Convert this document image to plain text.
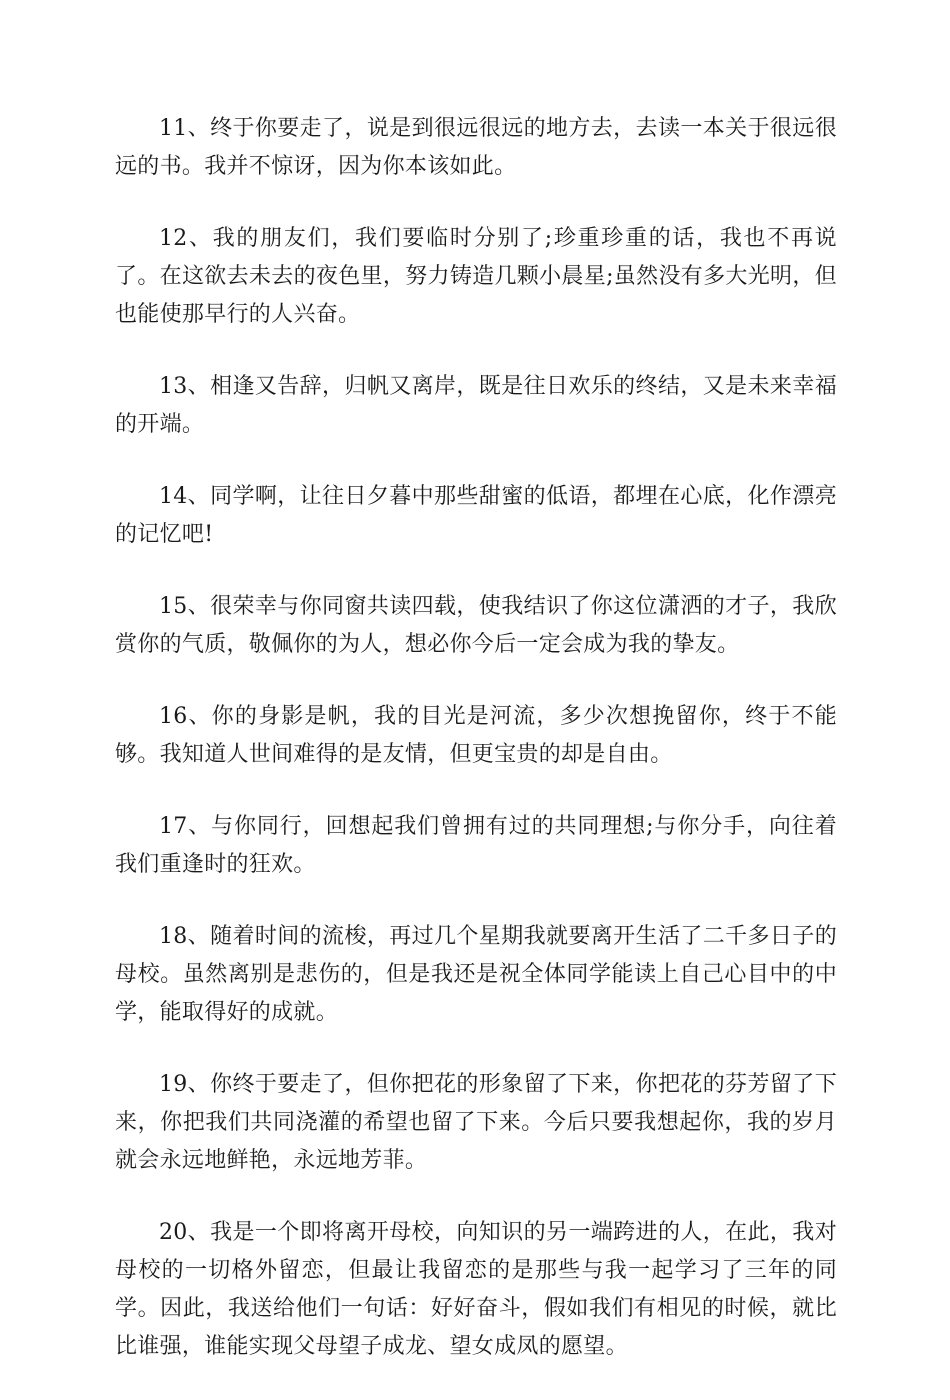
11、终于你要走了，说是到很远很远的地方去，去读一本关于很远很远的书。我并不惊讶，因为你本该如此。

12、我的朋友们，我们要临时分别了;珍重珍重的话，我也不再说了。在这欲去未去的夜色里，努力铸造几颗小晨星;虽然没有多大光明，但也能使那早行的人兴奋。

13、相逢又告辞，归帆又离岸，既是往日欢乐的终结，又是未来幸福的开端。

14、同学啊，让往日夕暮中那些甜蜜的低语，都埋在心底，化作漂亮的记忆吧!

15、很荣幸与你同窗共读四载，使我结识了你这位潇洒的才子，我欣赏你的气质，敬佩你的为人，想必你今后一定会成为我的挚友。

16、你的身影是帆，我的目光是河流，多少次想挽留你，终于不能够。我知道人世间难得的是友情，但更宝贵的却是自由。

17、与你同行，回想起我们曾拥有过的共同理想;与你分手，向往着我们重逢时的狂欢。

18、随着时间的流梭，再过几个星期我就要离开生活了二千多日子的母校。虽然离别是悲伤的，但是我还是祝全体同学能读上自己心目中的中学，能取得好的成就。

19、你终于要走了，但你把花的形象留了下来，你把花的芬芳留了下来，你把我们共同浇灌的希望也留了下来。今后只要我想起你，我的岁月就会永远地鲜艳，永远地芳菲。

20、我是一个即将离开母校，向知识的另一端跨进的人，在此，我对母校的一切格外留恋，但最让我留恋的是那些与我一起学习了三年的同学。因此，我送给他们一句话：好好奋斗，假如我们有相见的时候，就比比谁强，谁能实现父母望子成龙、望女成凤的愿望。
